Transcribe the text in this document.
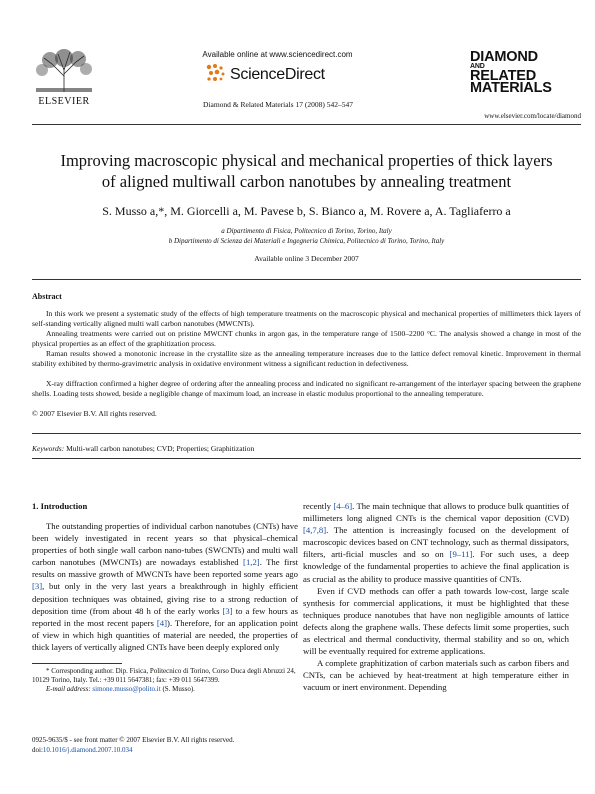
ELSEVIER
Available online at www.sciencedirect.com
ScienceDirect
Diamond & Related Materials 17 (2008) 542–547
DIAMOND
AND
RELATED
MATERIALS
www.elsevier.com/locate/diamond
Improving macroscopic physical and mechanical properties of thick layers
of aligned multiwall carbon nanotubes by annealing treatment
S. Musso a,*, M. Giorcelli a, M. Pavese b, S. Bianco a, M. Rovere a, A. Tagliaferro a
a Dipartimento di Fisica, Politecnico di Torino, Torino, Italy
b Dipartimento di Scienza dei Materiali e Ingegneria Chimica, Politecnico di Torino, Torino, Italy
Available online 3 December 2007
Abstract
In this work we present a systematic study of the effects of high temperature treatments on the macroscopic physical and mechanical properties of millimeters thick layers of self-standing vertically aligned multi wall carbon nanotubes (MWCNTs).
Annealing treatments were carried out on pristine MWCNT chunks in argon gas, in the temperature range of 1500–2200 °C. The analysis showed a change in most of the physical properties as an effect of the graphitization process.
Raman results showed a monotonic increase in the crystallite size as the annealing temperature increases due to the lattice defect removal kinetic. Improvement in thermal stability exhibited by thermo-gravimetric analysis in oxidative environment witness a significant reduction in defectiveness.
X-ray diffraction confirmed a higher degree of ordering after the annealing process and indicated no significant re-arrangement of the interlayer spacing between the graphene shells. Loading tests showed, beside a negligible change of maximum load, an increase in elastic modulus proportional to the annealing temperature.
© 2007 Elsevier B.V. All rights reserved.
Keywords: Multi-wall carbon nanotubes; CVD; Properties; Graphitization
1. Introduction

The outstanding properties of individual carbon nanotubes (CNTs) have been widely investigated in recent years so that physical–chemical properties of both single wall carbon nano-tubes (SWCNTs) and multi wall carbon nanotubes (MWCNTs) are nowadays established [1,2]. The first results on massive growth of MWCNTs have been reported some years ago [3], but only in the very last years a breakthrough in highly efficient deposition techniques was obtained, giving rise to a strong reduction of deposition time (from about 48 h of the early works [3] to a few hours as reported in the most recent papers [4]). Therefore, for an application point of view in which high quantities of material are needed, the properties of thick layers of vertically aligned CNTs have been deeply explored only

recently [4–6]. The main technique that allows to produce bulk quantities of millimeters long aligned CNTs is the chemical vapor deposition (CVD) [4,7,8]. The attention is increasingly focused on the development of macroscopic devices based on CNT technology, such as thermal dissipators, filters, arti-ficial muscles and so on [9–11]. For such uses, a deep knowledge of the fundamental properties to achieve the final application is as crucial as the ability to produce massive quantities of CNTs.

Even if CVD methods can offer a path towards low-cost, large scale synthesis for commercial applications, it must be highlighted that these techniques produce nanotubes that have non negligible amounts of lattice defects along the graphene walls. These defects limit some properties, such as electrical and thermal conductivity, thermal stability and so on, which will be eventually required for extreme applications.

A complete graphitization of carbon materials such as carbon fibers and CNTs, can be achieved by heat-treatment at high temperature either in vacuum or inert environment. Depending

* Corresponding author. Dip. Fisica, Politecnico di Torino, Corso Duca degli Abruzzi 24, 10129 Torino, Italy. Tel.: +39 011 5647381; fax: +39 011 5647399.
E-mail address: simone.musso@polito.it (S. Musso).
0925-9635/$ - see front matter © 2007 Elsevier B.V. All rights reserved.
doi:10.1016/j.diamond.2007.10.034
